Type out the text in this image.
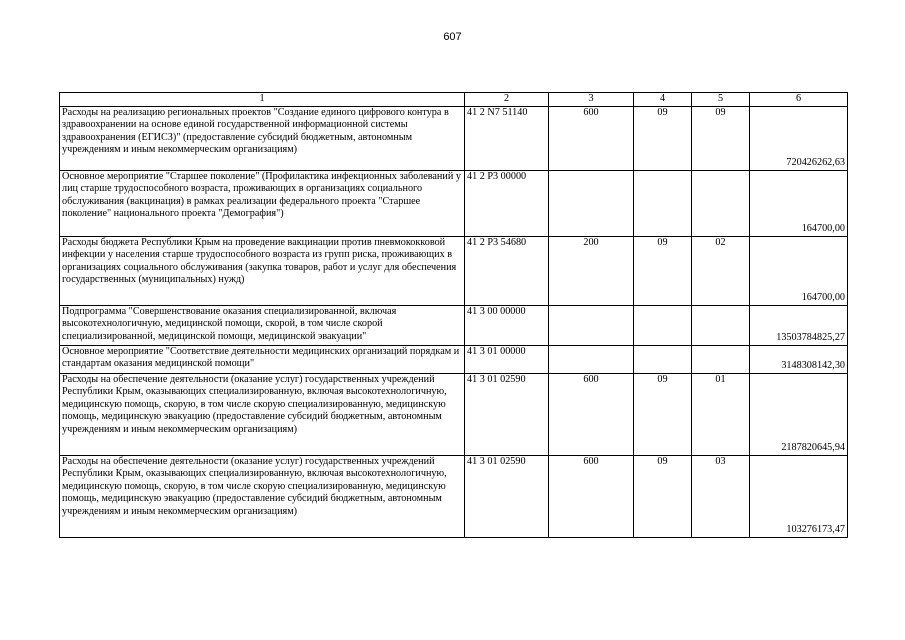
607
1	2	3	4	5	6
Расходы на реализацию региональных проектов "Создание единого цифрового контура в здравоохранении на основе единой государственной информационной системы здравоохранения (ЕГИСЗ)" (предоставление субсидий бюджетным, автономным учреждениям и иным некоммерческим организациям)	41 2 N7 51140	600	09	09	720426262,63
Основное мероприятие "Старшее поколение" (Профилактика инфекционных заболеваний у лиц старше трудоспособного возраста, проживающих в организациях социального обслуживания (вакцинация) в рамках реализации федерального проекта "Старшее поколение" национального проекта "Демография")	41 2 P3 00000				164700,00
Расходы бюджета Республики Крым на проведение вакцинации против пневмококковой инфекции у населения старше трудоспособного возраста из групп риска, проживающих в организациях социального обслуживания (закупка товаров, работ и услуг для обеспечения государственных (муниципальных) нужд)	41 2 P3 54680	200	09	02	164700,00
Подпрограмма "Совершенствование оказания специализированной, включая высокотехнологичную, медицинской помощи, скорой, в том числе скорой специализированной, медицинской помощи, медицинской эвакуации"	41 3 00 00000				13503784825,27
Основное мероприятие "Соответствие деятельности медицинских организаций порядкам и стандартам оказания медицинской помощи"	41 3 01 00000				3148308142,30
Расходы на обеспечение деятельности (оказание услуг) государственных учреждений Республики Крым, оказывающих специализированную, включая высокотехнологичную, медицинскую помощь, скорую, в том числе скорую специализированную, медицинскую помощь, медицинскую эвакуацию (предоставление субсидий бюджетным, автономным учреждениям и иным некоммерческим организациям)	41 3 01 02590	600	09	01	2187820645,94
Расходы на обеспечение деятельности (оказание услуг) государственных учреждений Республики Крым, оказывающих специализированную, включая высокотехнологичную, медицинскую помощь, скорую, в том числе скорую специализированную, медицинскую помощь, медицинскую эвакуацию (предоставление субсидий бюджетным, автономным учреждениям и иным некоммерческим организациям)	41 3 01 02590	600	09	03	103276173,47
